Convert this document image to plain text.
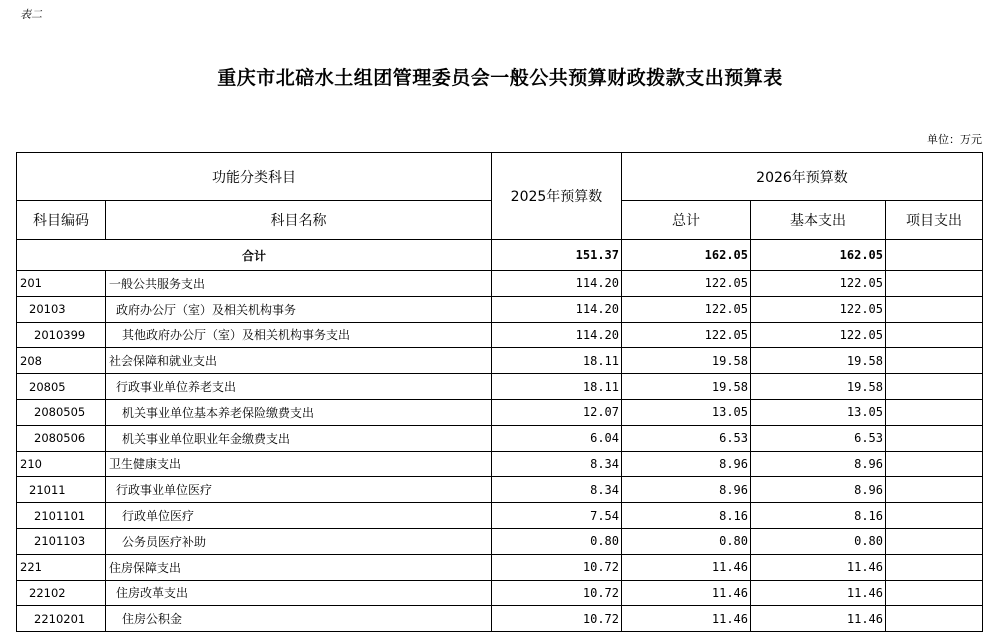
表二
重庆市北碚水土组团管理委员会一般公共预算财政拨款支出预算表
单位：万元
功能分类科目		2025年预算数	2026年预算数		
科目编码	科目名称		总计	基本支出	项目支出
合计		151.37	162.05	162.05	
201	一般公共服务支出	114.20	122.05	122.05	
20103	政府办公厅（室）及相关机构事务	114.20	122.05	122.05	
2010399	其他政府办公厅（室）及相关机构事务支出	114.20	122.05	122.05	
208	社会保障和就业支出	18.11	19.58	19.58	
20805	行政事业单位养老支出	18.11	19.58	19.58	
2080505	机关事业单位基本养老保险缴费支出	12.07	13.05	13.05	
2080506	机关事业单位职业年金缴费支出	6.04	6.53	6.53	
210	卫生健康支出	8.34	8.96	8.96	
21011	行政事业单位医疗	8.34	8.96	8.96	
2101101	行政单位医疗	7.54	8.16	8.16	
2101103	公务员医疗补助	0.80	0.80	0.80	
221	住房保障支出	10.72	11.46	11.46	
22102	住房改革支出	10.72	11.46	11.46	
2210201	住房公积金	10.72	11.46	11.46	
